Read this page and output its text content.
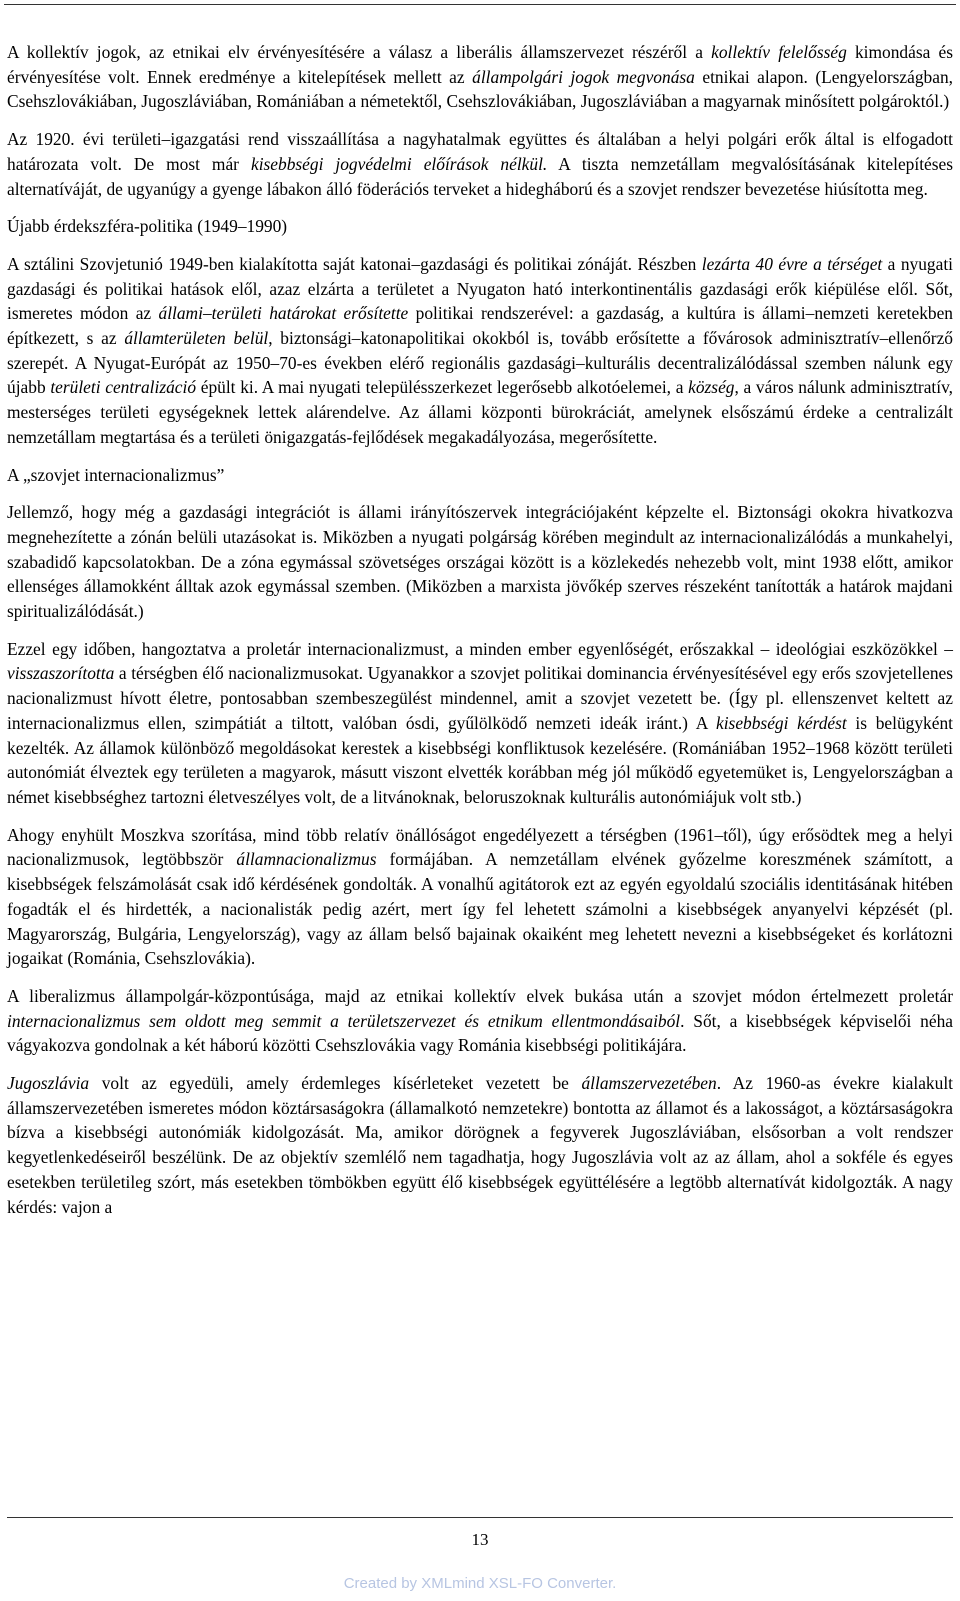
A kollektív jogok, az etnikai elv érvényesítésére a válasz a liberális államszervezet részéről a kollektív felelősség kimondása és érvényesítése volt. Ennek eredménye a kitelepítések mellett az állampolgári jogok megvonása etnikai alapon. (Lengyelországban, Csehszlovákiában, Jugoszláviában, Romániában a németektől, Csehszlovákiában, Jugoszláviában a magyarnak minősített polgároktól.)

Az 1920. évi területi–igazgatási rend visszaállítása a nagyhatalmak együttes és általában a helyi polgári erők által is elfogadott határozata volt. De most már kisebbségi jogvédelmi előírások nélkül. A tiszta nemzetállam megvalósításának kitelepítéses alternatíváját, de ugyanúgy a gyenge lábakon álló föderációs terveket a hidegháború és a szovjet rendszer bevezetése hiúsította meg.

Újabb érdekszféra-politika (1949–1990)

A sztálini Szovjetunió 1949-ben kialakította saját katonai–gazdasági és politikai zónáját. Részben lezárta 40 évre a térséget a nyugati gazdasági és politikai hatások elől, azaz elzárta a területet a Nyugaton ható interkontinentális gazdasági erők kiépülése elől. Sőt, ismeretes módon az állami–területi határokat erősítette politikai rendszerével: a gazdaság, a kultúra is állami–nemzeti keretekben építkezett, s az államterületen belül, biztonsági–katonapolitikai okokból is, tovább erősítette a fővárosok adminisztratív–ellenőrző szerepét. A Nyugat-Európát az 1950–70-es években elérő regionális gazdasági–kulturális decentralizálódással szemben nálunk egy újabb területi centralizáció épült ki. A mai nyugati településszerkezet legerősebb alkotóelemei, a község, a város nálunk adminisztratív, mesterséges területi egységeknek lettek alárendelve. Az állami központi bürokráciát, amelynek elsőszámú érdeke a centralizált nemzetállam megtartása és a területi önigazgatás-fejlődések megakadályozása, megerősítette.

A „szovjet internacionalizmus”

Jellemző, hogy még a gazdasági integrációt is állami irányítószervek integrációjaként képzelte el. Biztonsági okokra hivatkozva megnehezítette a zónán belüli utazásokat is. Miközben a nyugati polgárság körében megindult az internacionalizálódás a munkahelyi, szabadidő kapcsolatokban. De a zóna egymással szövetséges országai között is a közlekedés nehezebb volt, mint 1938 előtt, amikor ellenséges államokként álltak azok egymással szemben. (Miközben a marxista jövőkép szerves részeként tanították a határok majdani spiritualizálódását.)

Ezzel egy időben, hangoztatva a proletár internacionalizmust, a minden ember egyenlőségét, erőszakkal – ideológiai eszközökkel – visszaszorította a térségben élő nacionalizmusokat. Ugyanakkor a szovjet politikai dominancia érvényesítésével egy erős szovjetellenes nacionalizmust hívott életre, pontosabban szembeszegülést mindennel, amit a szovjet vezetett be. (Így pl. ellenszenvet keltett az internacionalizmus ellen, szimpátiát a tiltott, valóban ósdi, gyűlölködő nemzeti ideák iránt.) A kisebbségi kérdést is belügyként kezelték. Az államok különböző megoldásokat kerestek a kisebbségi konfliktusok kezelésére. (Romániában 1952–1968 között területi autonómiát élveztek egy területen a magyarok, másutt viszont elvették korábban még jól működő egyetemüket is, Lengyelországban a német kisebbséghez tartozni életveszélyes volt, de a litvánoknak, beloruszoknak kulturális autonómiájuk volt stb.)

Ahogy enyhült Moszkva szorítása, mind több relatív önállóságot engedélyezett a térségben (1961–től), úgy erősödtek meg a helyi nacionalizmusok, legtöbbször államnacionalizmus formájában. A nemzetállam elvének győzelme koreszmének számított, a kisebbségek felszámolását csak idő kérdésének gondolták. A vonalhű agitátorok ezt az egyén egyoldalú szociális identitásának hitében fogadták el és hirdették, a nacionalisták pedig azért, mert így fel lehetett számolni a kisebbségek anyanyelvi képzését (pl. Magyarország, Bulgária, Lengyelország), vagy az állam belső bajainak okaiként meg lehetett nevezni a kisebbségeket és korlátozni jogaikat (Románia, Csehszlovákia).

A liberalizmus állampolgár-központúsága, majd az etnikai kollektív elvek bukása után a szovjet módon értelmezett proletár internacionalizmus sem oldott meg semmit a területszervezet és etnikum ellentmondásaiból. Sőt, a kisebbségek képviselői néha vágyakozva gondolnak a két háború közötti Csehszlovákia vagy Románia kisebbségi politikájára.

Jugoszlávia volt az egyedüli, amely érdemleges kísérleteket vezetett be államszervezetében. Az 1960-as évekre kialakult államszervezetében ismeretes módon köztársaságokra (államalkotó nemzetekre) bontotta az államot és a lakosságot, a köztársaságokra bízva a kisebbségi autonómiák kidolgozását. Ma, amikor dörögnek a fegyverek Jugoszláviában, elsősorban a volt rendszer kegyetlenkedéseiről beszélünk. De az objektív szemlélő nem tagadhatja, hogy Jugoszlávia volt az az állam, ahol a sokféle és egyes esetekben területileg szórt, más esetekben tömbökben együtt élő kisebbségek együttélésére a legtöbb alternatívát kidolgozták. A nagy kérdés: vajon a

13
Created by XMLmind XSL-FO Converter.
